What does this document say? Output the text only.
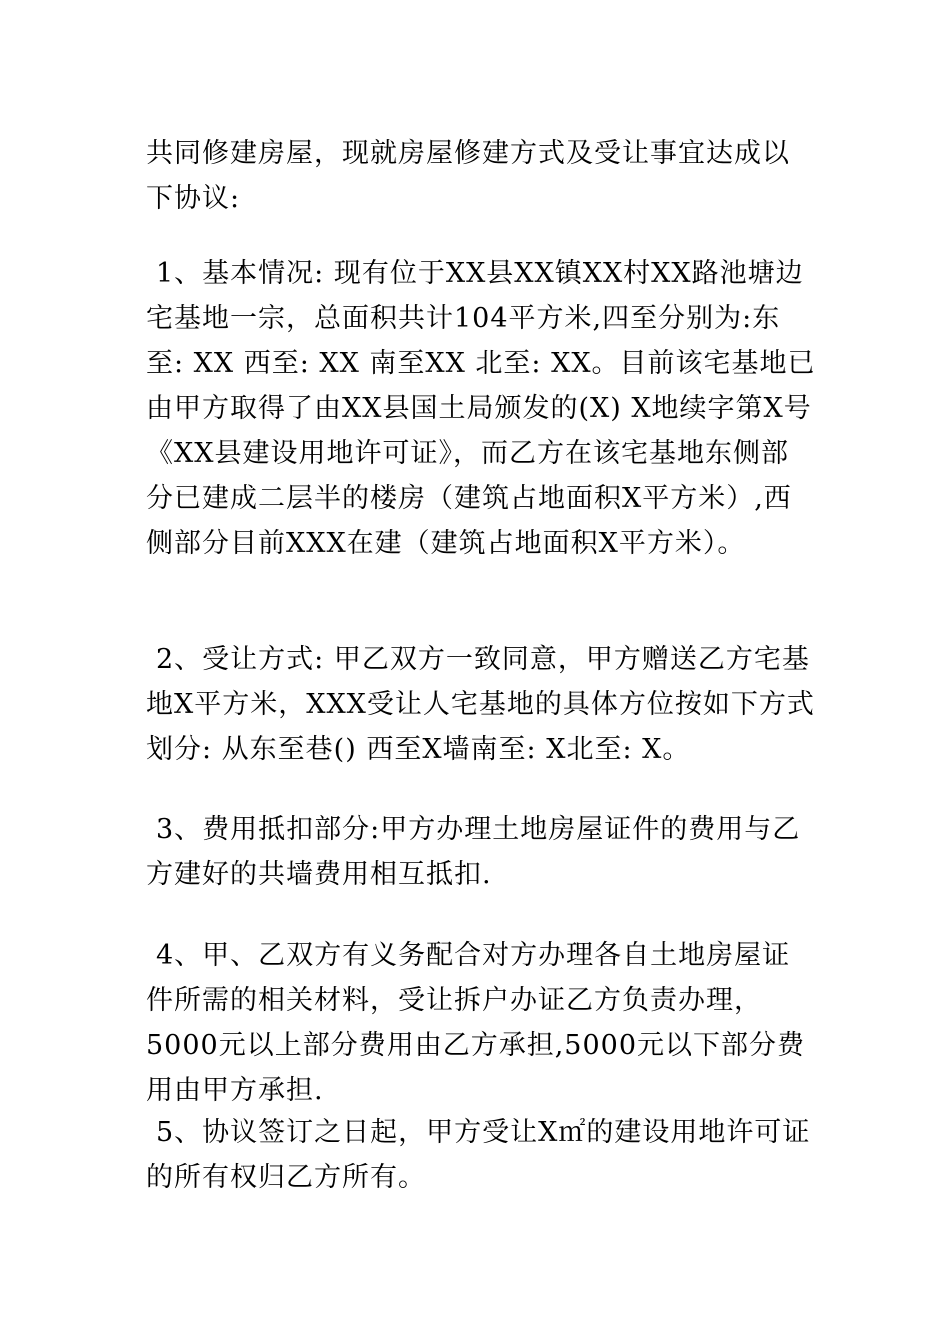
共同修建房屋，现就房屋修建方式及受让事宜达成以下协议:

1、基本情况: 现有位于XX县XX镇XX村XX路池塘边宅基地一宗，总面积共计104平方米,四至分别为:东至: XX 西至: XX 南至XX 北至: XX。目前该宅基地已由甲方取得了由XX县国土局颁发的(X) X地续字第X号《XX县建设用地许可证》，而乙方在该宅基地东侧部分已建成二层半的楼房（建筑占地面积X平方米）,西侧部分目前XXX在建（建筑占地面积X平方米）。

2、受让方式: 甲乙双方一致同意，甲方赠送乙方宅基地X平方米，XXX受让人宅基地的具体方位按如下方式划分: 从东至巷() 西至X墙南至: X北至: X。

3、费用抵扣部分:甲方办理土地房屋证件的费用与乙方建好的共墙费用相互抵扣.

4、甲、乙双方有义务配合对方办理各自土地房屋证件所需的相关材料，受让拆户办证乙方负责办理，5000元以上部分费用由乙方承担,5000元以下部分费用由甲方承担.

5、协议签订之日起，甲方受让X㎡的建设用地许可证的所有权归乙方所有。
